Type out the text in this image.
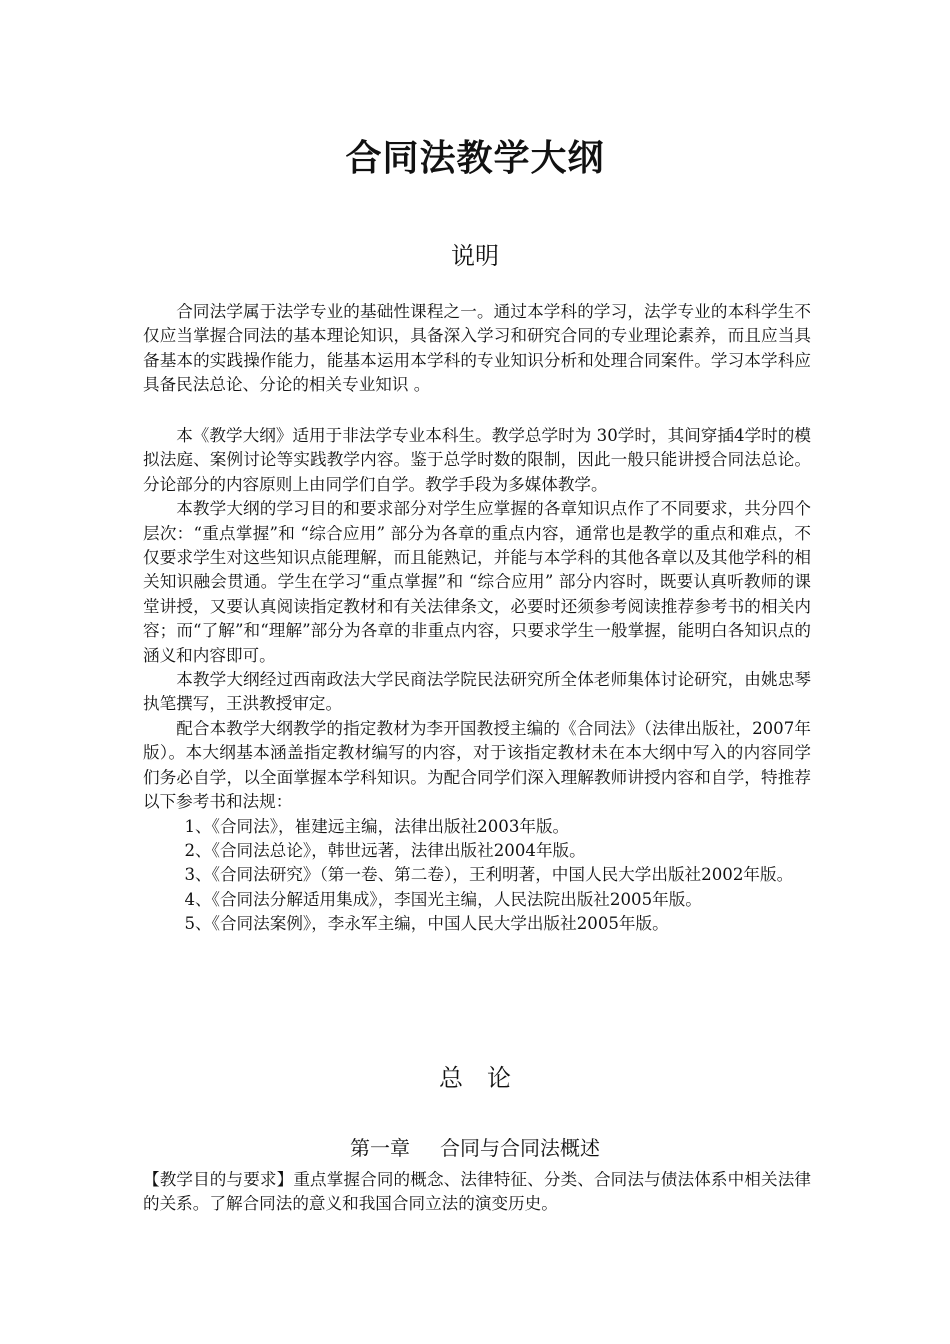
合同法教学大纲
说明

合同法学属于法学专业的基础性课程之一。通过本学科的学习，法学专业的本科学生不仅应当掌握合同法的基本理论知识，具备深入学习和研究合同的专业理论素养，而且应当具备基本的实践操作能力，能基本运用本学科的专业知识分析和处理合同案件。学习本学科应具备民法总论、分论的相关专业知识 。

本《教学大纲》适用于非法学专业本科生。教学总学时为 30学时，其间穿插4学时的模拟法庭、案例讨论等实践教学内容。鉴于总学时数的限制，因此一般只能讲授合同法总论。分论部分的内容原则上由同学们自学。教学手段为多媒体教学。

本教学大纲的学习目的和要求部分对学生应掌握的各章知识点作了不同要求，共分四个层次：“重点掌握”和 “综合应用” 部分为各章的重点内容，通常也是教学的重点和难点，不仅要求学生对这些知识点能理解，而且能熟记，并能与本学科的其他各章以及其他学科的相关知识融会贯通。学生在学习“重点掌握”和 “综合应用” 部分内容时，既要认真听教师的课堂讲授，又要认真阅读指定教材和有关法律条文，必要时还须参考阅读推荐参考书的相关内容；而“了解”和“理解”部分为各章的非重点内容，只要求学生一般掌握，能明白各知识点的涵义和内容即可。

本教学大纲经过西南政法大学民商法学院民法研究所全体老师集体讨论研究，由姚忠琴执笔撰写，王洪教授审定。

配合本教学大纲教学的指定教材为李开国教授主编的《合同法》（法律出版社，2007年版）。本大纲基本涵盖指定教材编写的内容，对于该指定教材未在本大纲中写入的内容同学们务必自学，以全面掌握本学科知识。为配合同学们深入理解教师讲授内容和自学，特推荐以下参考书和法规：

1、《合同法》，崔建远主编，法律出版社2003年版。

2、《合同法总论》，韩世远著，法律出版社2004年版。

3、《合同法研究》（第一卷、第二卷），王利明著，中国人民大学出版社2002年版。

4、《合同法分解适用集成》，李国光主编，人民法院出版社2005年版。

5、《合同法案例》，李永军主编，中国人民大学出版社2005年版。

总　论
第一章 合同与合同法概述
【教学目的与要求】重点掌握合同的概念、法律特征、分类、合同法与债法体系中相关法律的关系。了解合同法的意义和我国合同立法的演变历史。
